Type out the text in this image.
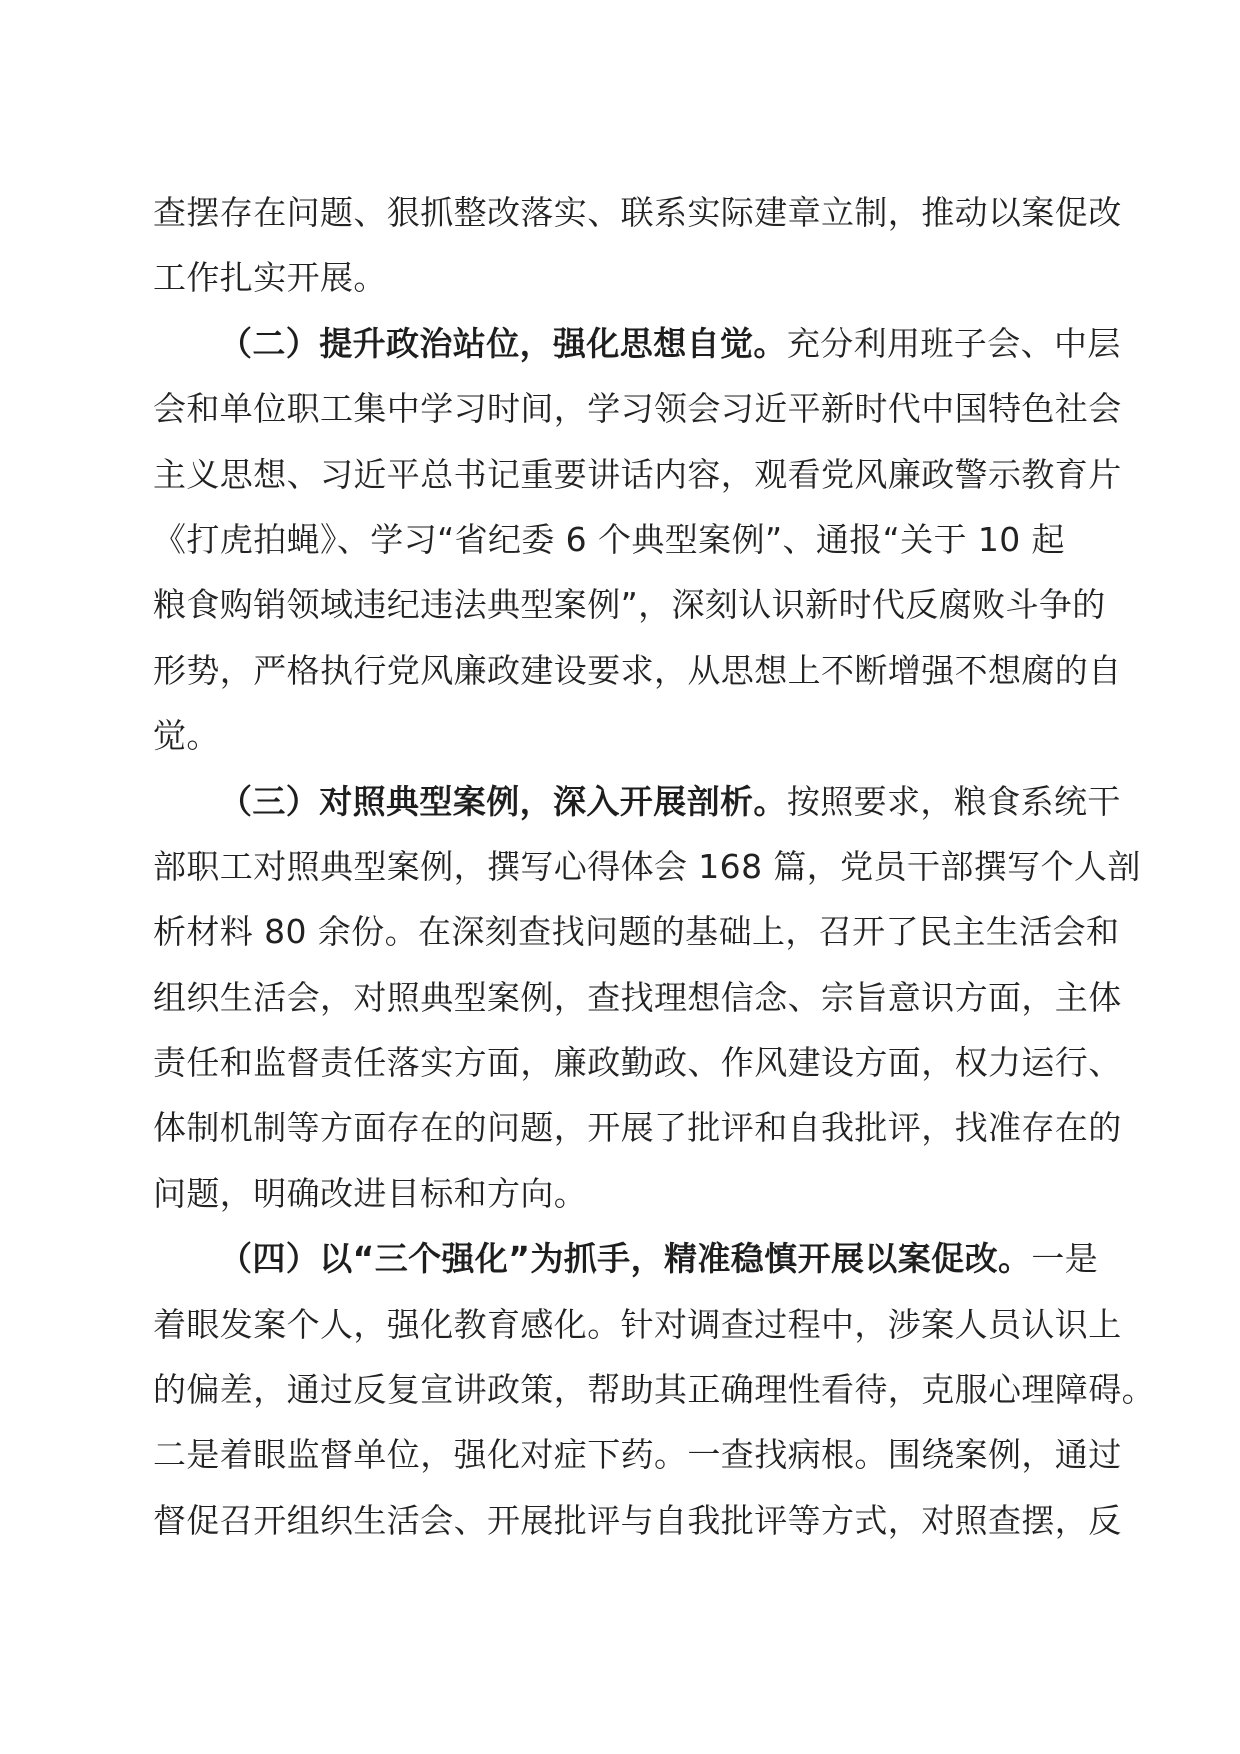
查摆存在问题、狠抓整改落实、联系实际建章立制，推动以案促改
工作扎实开展。
（二）提升政治站位，强化思想自觉。充分利用班子会、中层
会和单位职工集中学习时间，学习领会习近平新时代中国特色社会
主义思想、习近平总书记重要讲话内容，观看党风廉政警示教育片
《打虎拍蝇》、学习“省纪委 6 个典型案例”、通报“关于 10 起
粮食购销领域违纪违法典型案例”，深刻认识新时代反腐败斗争的
形势，严格执行党风廉政建设要求，从思想上不断增强不想腐的自
觉。
（三）对照典型案例，深入开展剖析。按照要求，粮食系统干
部职工对照典型案例，撰写心得体会 168 篇，党员干部撰写个人剖
析材料 80 余份。在深刻查找问题的基础上，召开了民主生活会和
组织生活会，对照典型案例，查找理想信念、宗旨意识方面，主体
责任和监督责任落实方面，廉政勤政、作风建设方面，权力运行、
体制机制等方面存在的问题，开展了批评和自我批评，找准存在的
问题，明确改进目标和方向。
（四）以“三个强化”为抓手，精准稳慎开展以案促改。一是
着眼发案个人，强化教育感化。针对调查过程中，涉案人员认识上
的偏差，通过反复宣讲政策，帮助其正确理性看待，克服心理障碍。
二是着眼监督单位，强化对症下药。一查找病根。围绕案例，通过
督促召开组织生活会、开展批评与自我批评等方式，对照查摆，反
